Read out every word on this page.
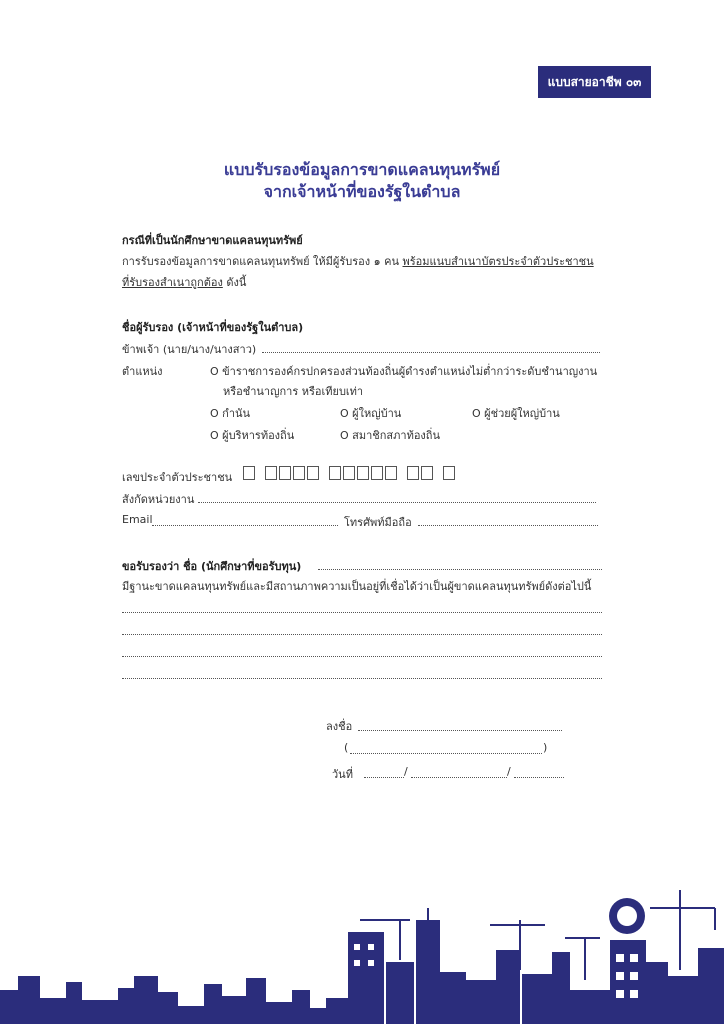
แบบสายอาชีพ ๐๓
แบบรับรองข้อมูลการขาดแคลนทุนทรัพย์
จากเจ้าหน้าที่ของรัฐในตำบล
กรณีที่เป็นนักศึกษาขาดแคลนทุนทรัพย์
การรับรองข้อมูลการขาดแคลนทุนทรัพย์ ให้มีผู้รับรอง ๑ คน พร้อมแนบสำเนาบัตรประจำตัวประชาชน
ที่รับรองสำเนาถูกต้อง ดังนี้
ชื่อผู้รับรอง (เจ้าหน้าที่ของรัฐในตำบล)
ข้าพเจ้า (นาย/นาง/นางสาว)
ตำแหน่ง	O ข้าราชการองค์กรปกครองส่วนท้องถิ่นผู้ดำรงตำแหน่งไม่ต่ำกว่าระดับชำนาญงาน
หรือชำนาญการ หรือเทียบเท่า
O กำนัน	O ผู้ใหญ่บ้าน	O ผู้ช่วยผู้ใหญ่บ้าน
O ผู้บริหารท้องถิ่น	O สมาชิกสภาท้องถิ่น
เลขประจำตัวประชาชน
สังกัดหน่วยงาน
Email	โทรศัพท์มือถือ
ขอรับรองว่า ชื่อ (นักศึกษาที่ขอรับทุน)
มีฐานะขาดแคลนทุนทรัพย์และมีสถานภาพความเป็นอยู่ที่เชื่อได้ว่าเป็นผู้ขาดแคลนทุนทรัพย์ดังต่อไปนี้
ลงชื่อ
(	)
วันที่	/	/
